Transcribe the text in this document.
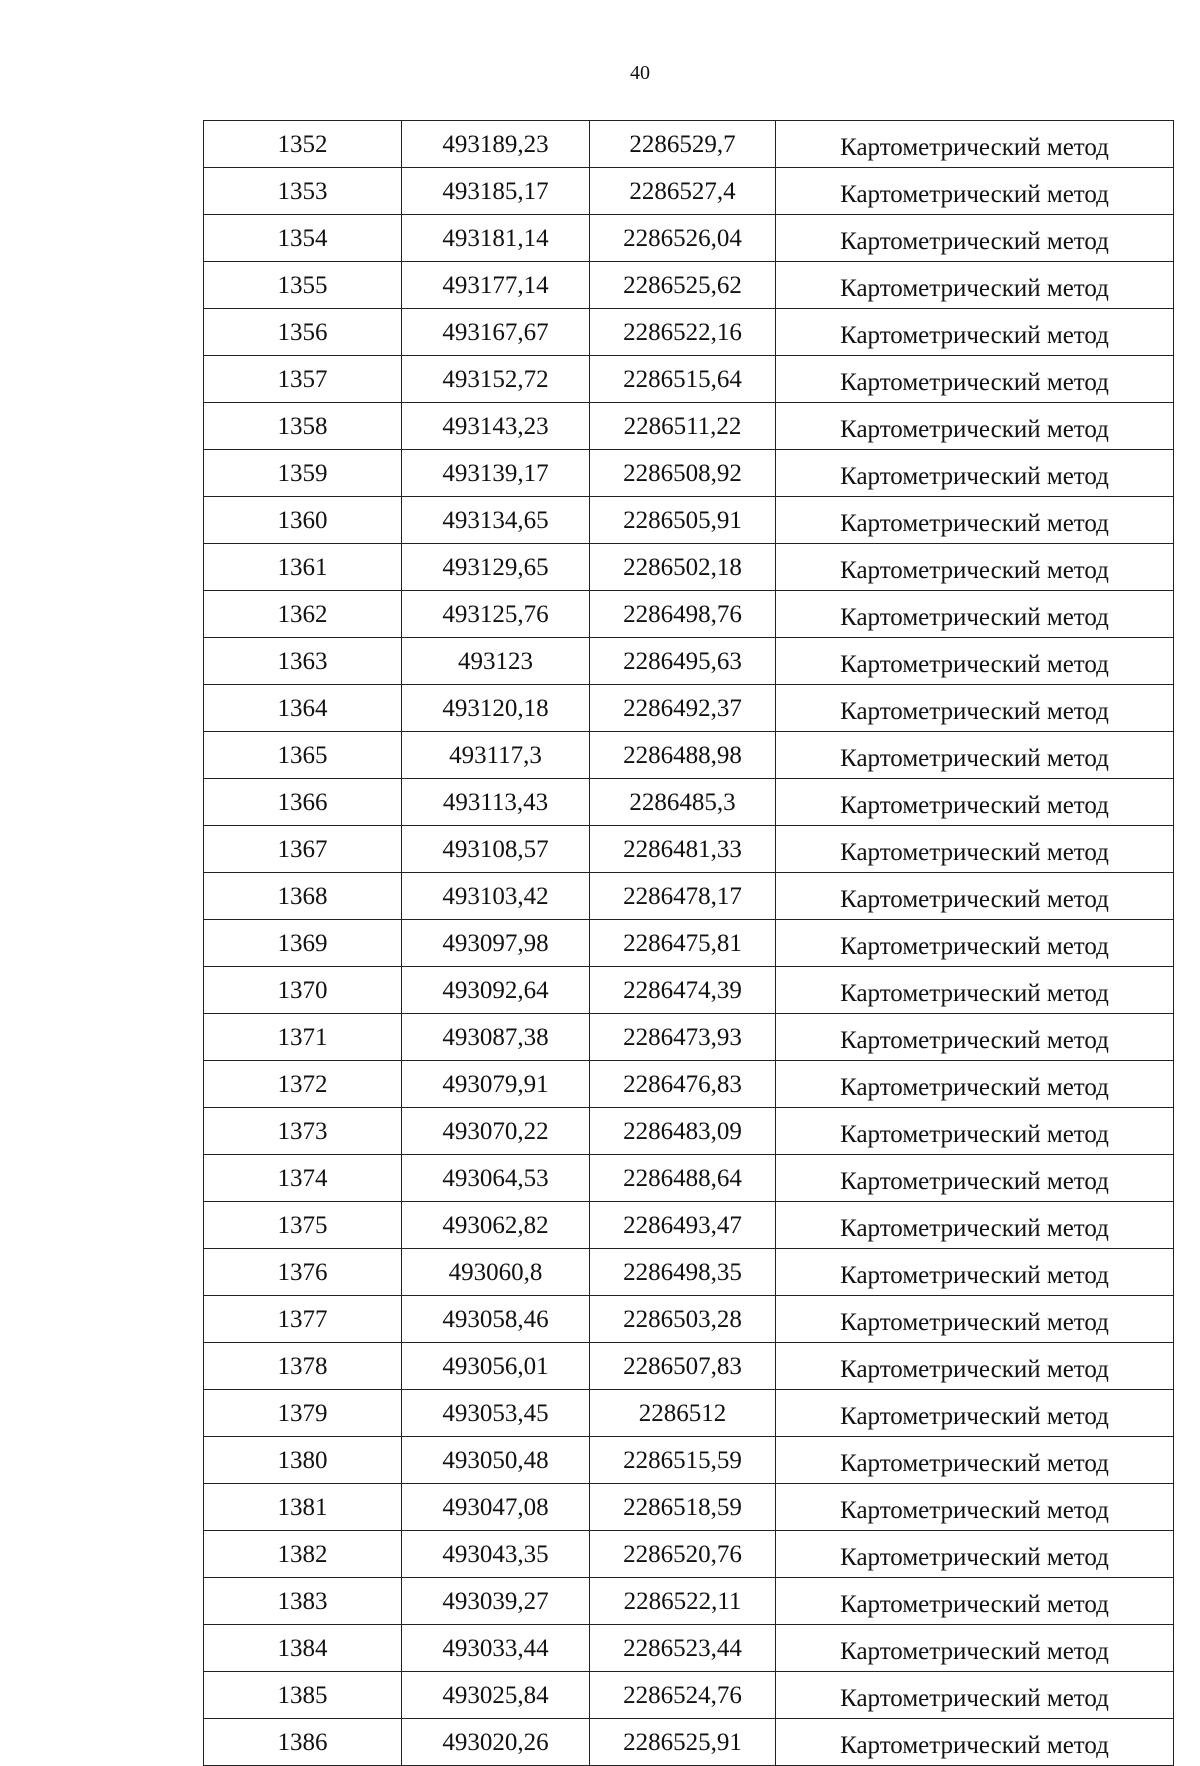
40
1352	493189,23	2286529,7	Картометрический метод
1353	493185,17	2286527,4	Картометрический метод
1354	493181,14	2286526,04	Картометрический метод
1355	493177,14	2286525,62	Картометрический метод
1356	493167,67	2286522,16	Картометрический метод
1357	493152,72	2286515,64	Картометрический метод
1358	493143,23	2286511,22	Картометрический метод
1359	493139,17	2286508,92	Картометрический метод
1360	493134,65	2286505,91	Картометрический метод
1361	493129,65	2286502,18	Картометрический метод
1362	493125,76	2286498,76	Картометрический метод
1363	493123	2286495,63	Картометрический метод
1364	493120,18	2286492,37	Картометрический метод
1365	493117,3	2286488,98	Картометрический метод
1366	493113,43	2286485,3	Картометрический метод
1367	493108,57	2286481,33	Картометрический метод
1368	493103,42	2286478,17	Картометрический метод
1369	493097,98	2286475,81	Картометрический метод
1370	493092,64	2286474,39	Картометрический метод
1371	493087,38	2286473,93	Картометрический метод
1372	493079,91	2286476,83	Картометрический метод
1373	493070,22	2286483,09	Картометрический метод
1374	493064,53	2286488,64	Картометрический метод
1375	493062,82	2286493,47	Картометрический метод
1376	493060,8	2286498,35	Картометрический метод
1377	493058,46	2286503,28	Картометрический метод
1378	493056,01	2286507,83	Картометрический метод
1379	493053,45	2286512	Картометрический метод
1380	493050,48	2286515,59	Картометрический метод
1381	493047,08	2286518,59	Картометрический метод
1382	493043,35	2286520,76	Картометрический метод
1383	493039,27	2286522,11	Картометрический метод
1384	493033,44	2286523,44	Картометрический метод
1385	493025,84	2286524,76	Картометрический метод
1386	493020,26	2286525,91	Картометрический метод
